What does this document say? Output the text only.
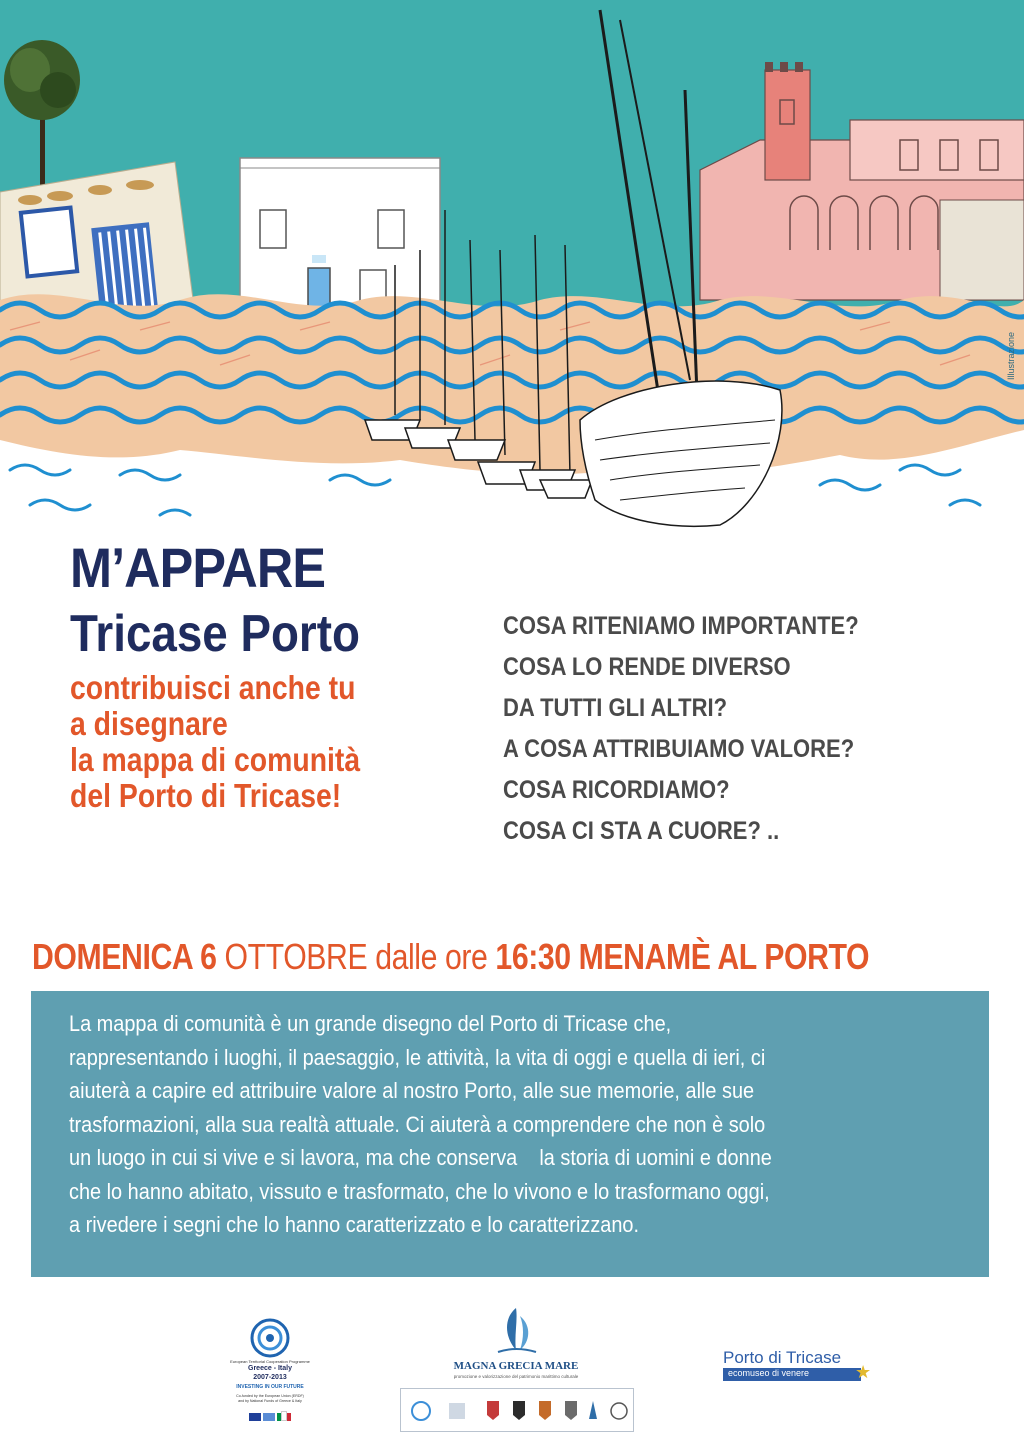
Illustrazione
M’APPARE
Tricase Porto
contribuisci anche tu
a disegnare
la mappa di comunità
del Porto di Tricase!
COSA RITENIAMO IMPORTANTE?
COSA LO RENDE DIVERSO
DA TUTTI GLI ALTRI?
A COSA ATTRIBUIAMO VALORE?
COSA RICORDIAMO?
COSA CI STA A CUORE? ..
DOMENICA 6 OTTOBRE dalle ore 16:30 MENAMÈ AL PORTO
La mappa di comunità è un grande disegno del Porto di Tricase che,
rappresentando i luoghi, il paesaggio, le attività, la vita di oggi e quella di ieri, ci
aiuterà a capire ed attribuire valore al nostro Porto, alle sue memorie, alle sue
trasformazioni, alla sua realtà attuale. Ci aiuterà a comprendere che non è solo
un luogo in cui si vive e si lavora, ma che conserva    la storia di uomini e donne
che lo hanno abitato, vissuto e trasformato, che lo vivono e lo trasformano oggi,
a rivedere i segni che lo hanno caratterizzato e lo caratterizzano.
European Territorial Cooperation Programme
Greece - Italy
2007-2013
INVESTING IN OUR FUTURE
Co-funded by the European Union (ERDF)
and by National Funds of Greece & Italy
MAGNA GRECIA MARE
promozione e valorizzazione del patrimonio marittimo culturale
Porto di Tricase
ecomuseo di venere	★
